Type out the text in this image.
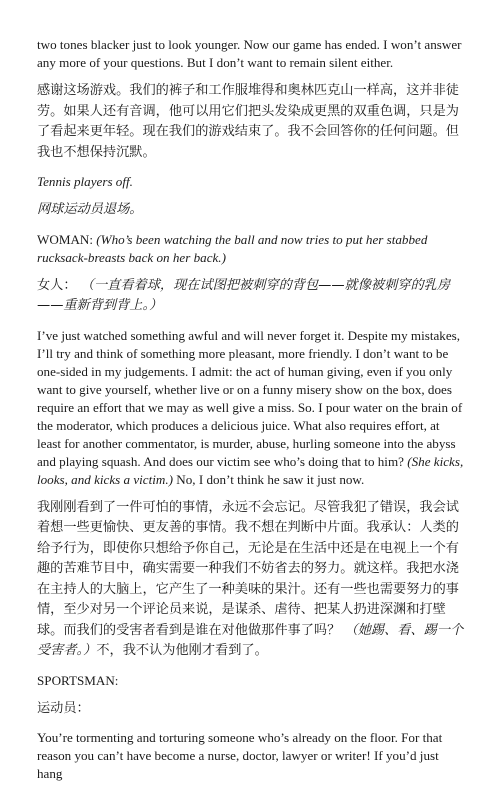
two tones blacker just to look younger. Now our game has ended. I won’t answer any more of your questions. But I don’t want to remain silent either.

感谢这场游戏。我们的裤子和工作服堆得和奥林匹克山一样高，这并非徒劳。如果人还有音调，他可以用它们把头发染成更黑的双重色调，只是为了看起来更年轻。现在我们的游戏结束了。我不会回答你的任何问题。但我也不想保持沉默。

Tennis players off.

网球运动员退场。

WOMAN: (Who’s been watching the ball and now tries to put her stabbed rucksack-breasts back on her back.)

女人： （一直看着球，现在试图把被刺穿的背包——就像被刺穿的乳房——重新背到背上。）

I’ve just watched something awful and will never forget it. Despite my mistakes, I’ll try and think of something more pleasant, more friendly. I don’t want to be one-sided in my judgements. I admit: the act of human giving, even if you only want to give yourself, whether live or on a funny misery show on the box, does require an effort that we may as well give a miss. So. I pour water on the brain of the moderator, which produces a delicious juice. What also requires effort, at least for another commentator, is murder, abuse, hurling someone into the abyss and playing squash. And does our victim see who’s doing that to him? (She kicks, looks, and kicks a victim.) No, I don’t think he saw it just now.

我刚刚看到了一件可怕的事情，永远不会忘记。尽管我犯了错误，我会试着想一些更愉快、更友善的事情。我不想在判断中片面。我承认：人类的给予行为，即使你只想给予你自己，无论是在生活中还是在电视上一个有趣的苦难节目中，确实需要一种我们不妨省去的努力。就这样。我把水浇在主持人的大脑上，它产生了一种美味的果汁。还有一些也需要努力的事情，至少对另一个评论员来说，是谋杀、虐待、把某人扔进深渊和打壁球。而我们的受害者看到是谁在对他做那件事了吗？ （她踢、看、踢一个受害者。）不，我不认为他刚才看到了。

SPORTSMAN:

运动员：

You’re tormenting and torturing someone who’s already on the floor. For that reason you can’t have become a nurse, doctor, lawyer or writer! If you’d just hang
